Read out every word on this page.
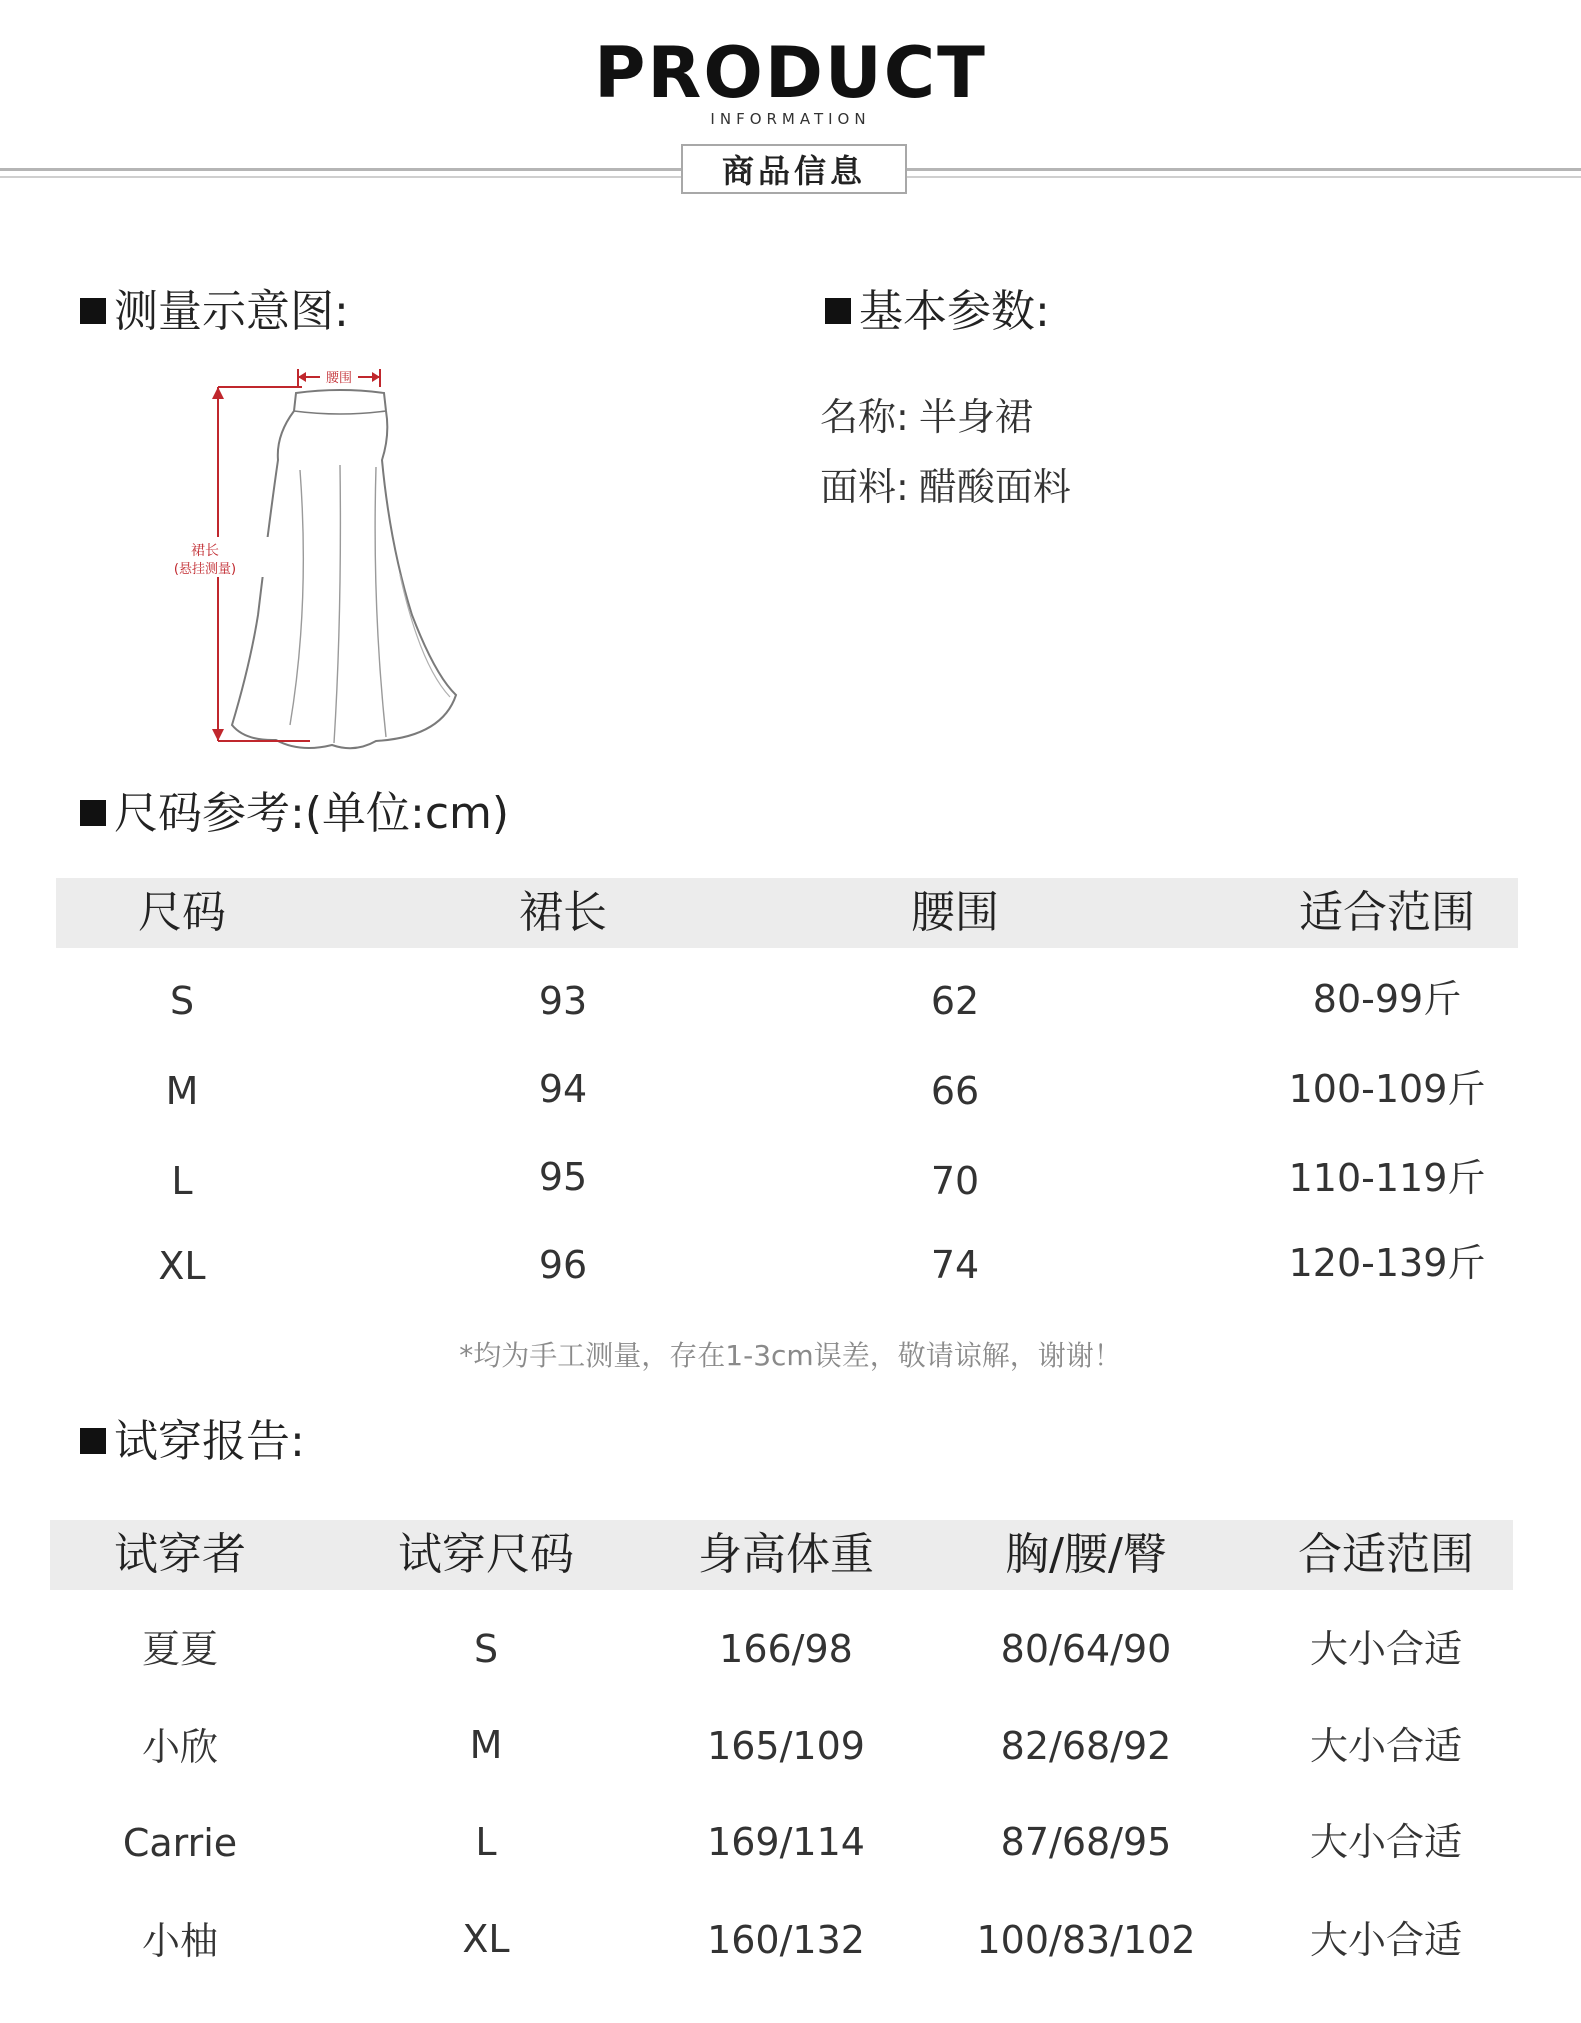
PRODUCT
INFORMATION
商品信息
测量示意图:
腰围
裙长
(悬挂测量)
基本参数:
名称: 半身裙
面料: 醋酸面料
尺码参考:(单位:cm)
尺码	裙长	腰围	适合范围
S	93	62	80-99斤
M	94	66	100-109斤
L	95	70	110-119斤
XL	96	74	120-139斤
*均为手工测量，存在1-3cm误差，敬请谅解，谢谢！
试穿报告:
试穿者	试穿尺码	身高体重	胸/腰/臀	合适范围
夏夏	S	166/98	80/64/90	大小合适
小欣	M	165/109	82/68/92	大小合适
Carrie	L	169/114	87/68/95	大小合适
小柚	XL	160/132	100/83/102	大小合适
